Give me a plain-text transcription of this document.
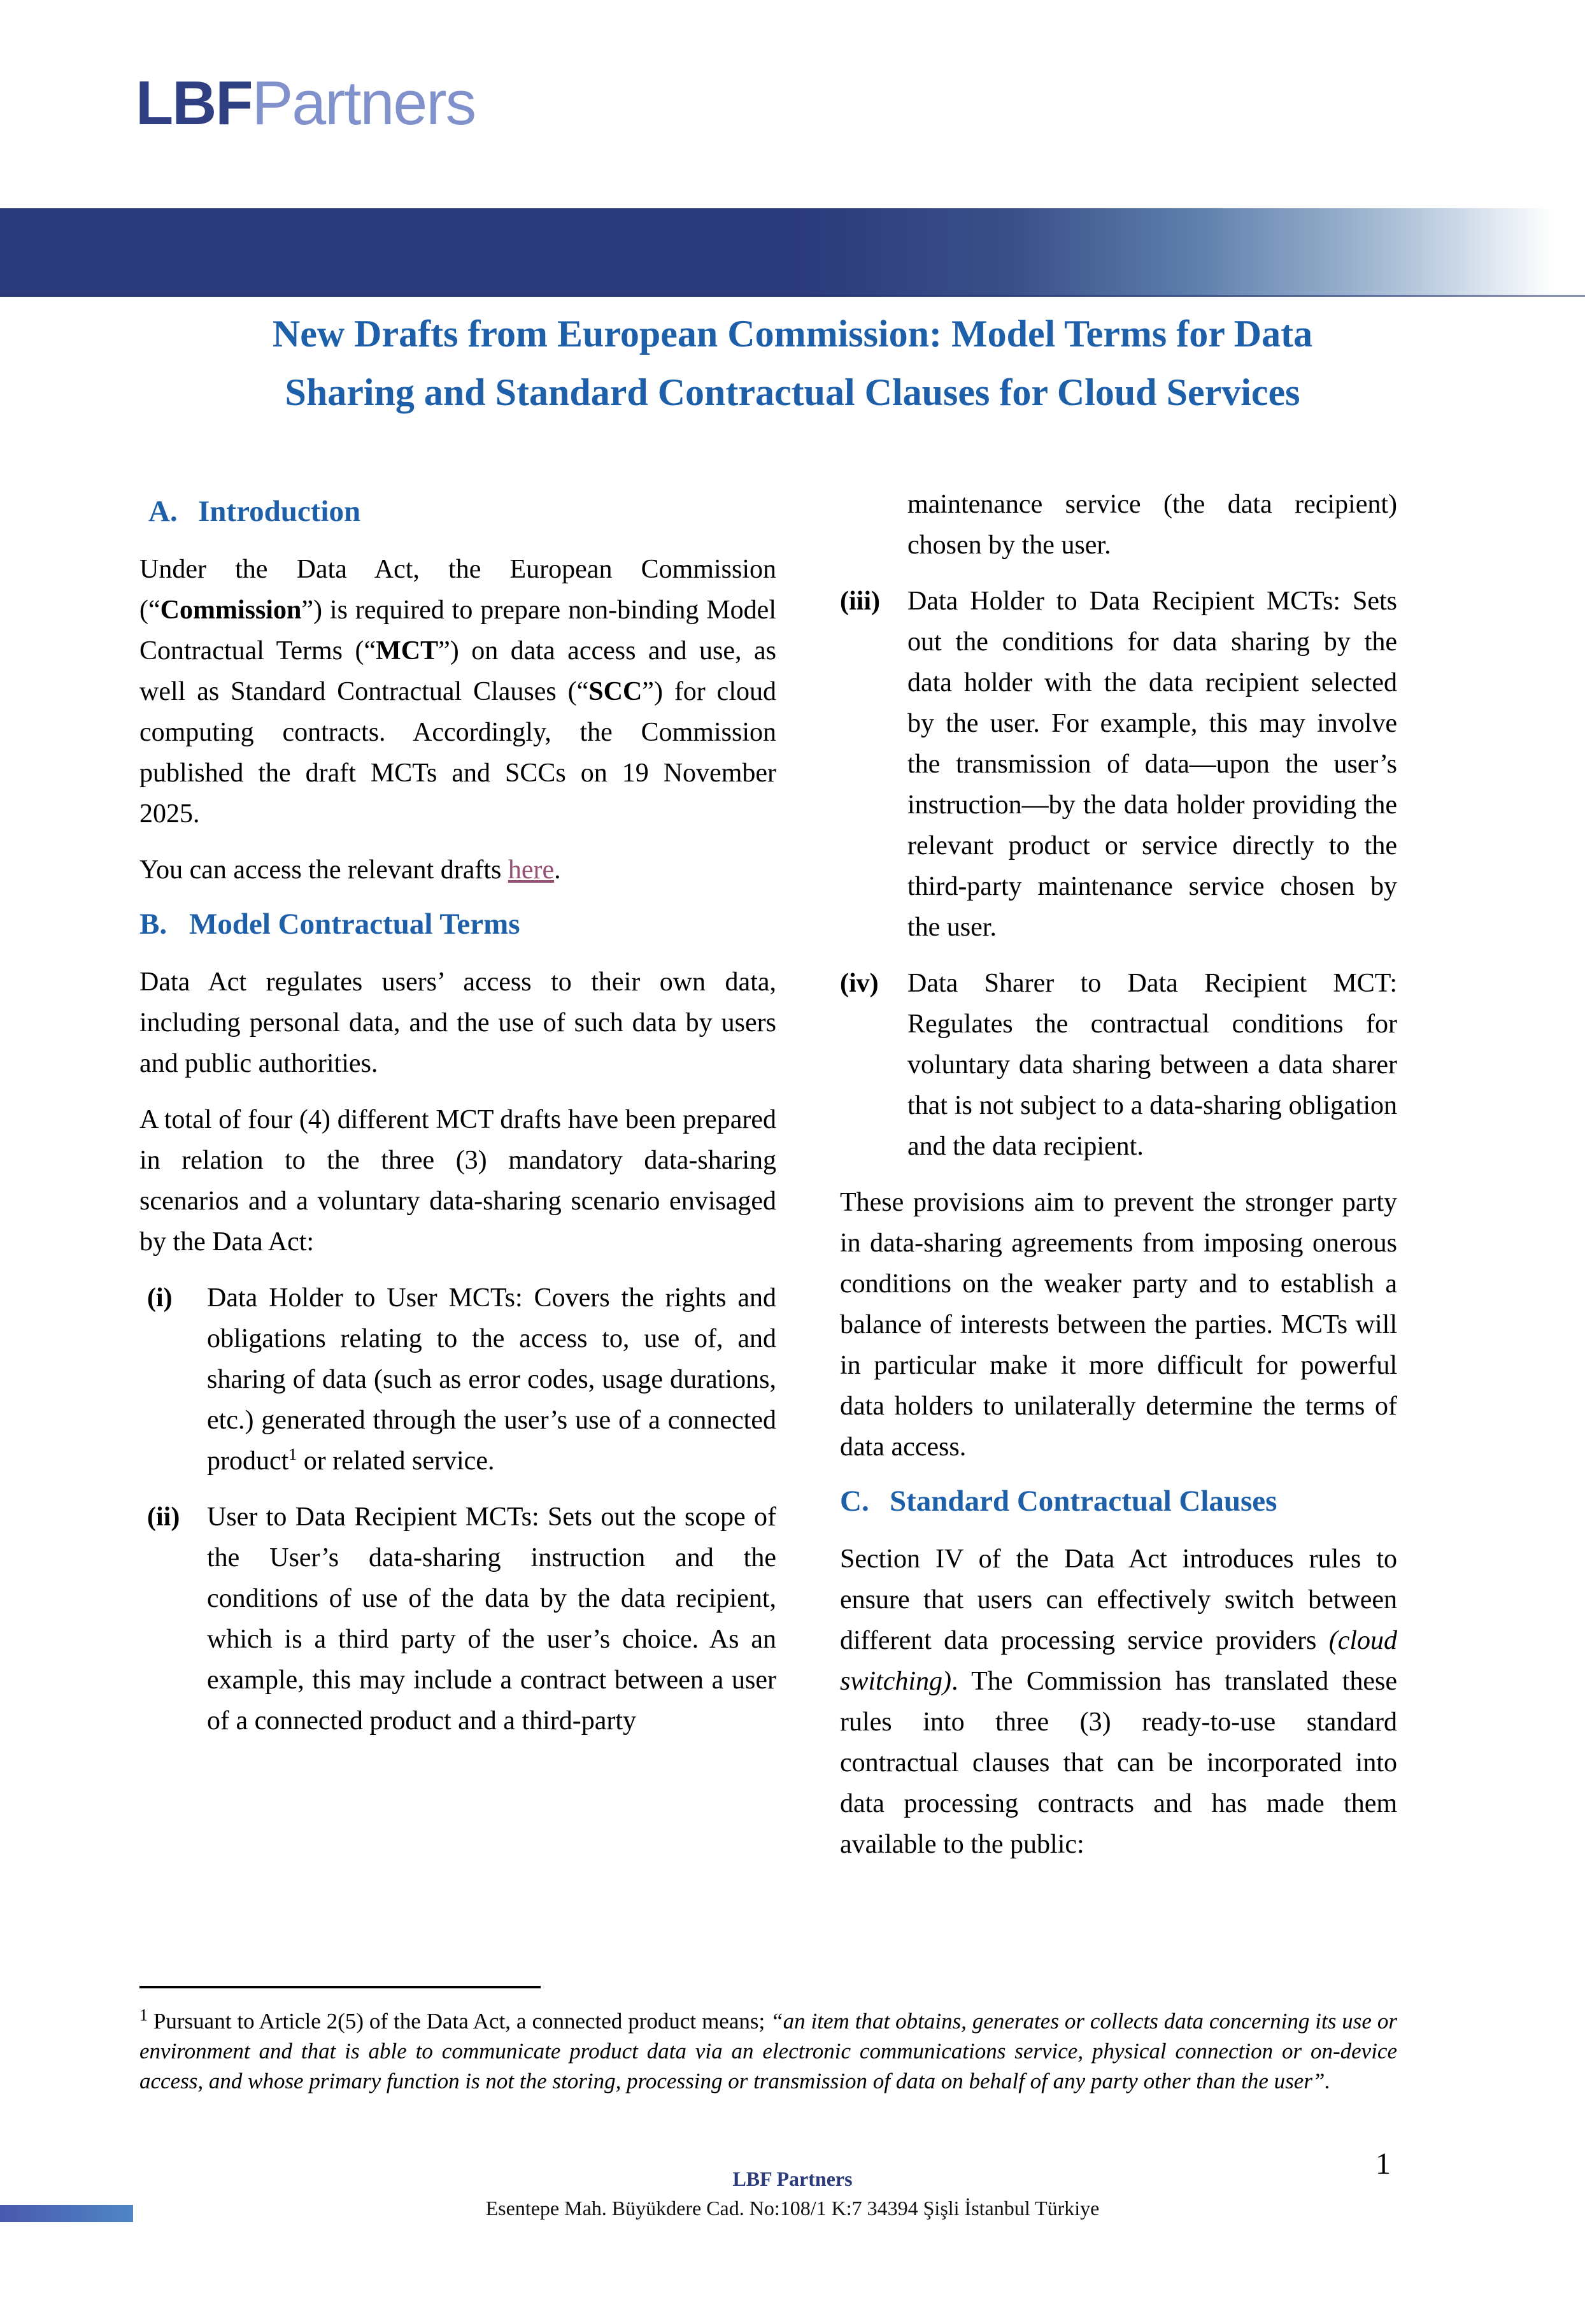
LBFPartners
New Drafts from European Commission: Model Terms for Data
Sharing and Standard Contractual Clauses for Cloud Services
A. Introduction

Under the Data Act, the European Commission (“Commission”) is required to prepare non-binding Model Contractual Terms (“MCT”) on data access and use, as well as Standard Contractual Clauses (“SCC”) for cloud computing contracts. Accordingly, the Commission published the draft MCTs and SCCs on 19 November 2025.

You can access the relevant drafts here.

B. Model Contractual Terms

Data Act regulates users’ access to their own data, including personal data, and the use of such data by users and public authorities.

A total of four (4) different MCT drafts have been prepared in relation to the three (3) mandatory data-sharing scenarios and a voluntary data-sharing scenario envisaged by the Data Act:

(i) Data Holder to User MCTs: Covers the rights and obligations relating to the access to, use of, and sharing of data (such as error codes, usage durations, etc.) generated through the user’s use of a connected product$^1$ or related service.
(ii) User to Data Recipient MCTs: Sets out the scope of the User’s data-sharing instruction and the conditions of use of the data by the data recipient, which is a third party of the user’s choice. As an example, this may include a contract between a user of a connected product and a third-party
maintenance service (the data recipient) chosen by the user.
(iii) Data Holder to Data Recipient MCTs: Sets out the conditions for data sharing by the data holder with the data recipient selected by the user. For example, this may involve the transmission of data—upon the user’s instruction—by the data holder providing the relevant product or service directly to the third-party maintenance service chosen by the user.
(iv) Data Sharer to Data Recipient MCT: Regulates the contractual conditions for voluntary data sharing between a data sharer that is not subject to a data-sharing obligation and the data recipient.

These provisions aim to prevent the stronger party in data-sharing agreements from imposing onerous conditions on the weaker party and to establish a balance of interests between the parties. MCTs will in particular make it more difficult for powerful data holders to unilaterally determine the terms of data access.

C. Standard Contractual Clauses

Section IV of the Data Act introduces rules to ensure that users can effectively switch between different data processing service providers (cloud switching). The Commission has translated these rules into three (3) ready-to-use standard contractual clauses that can be incorporated into data processing contracts and has made them available to the public:

$^1$ Pursuant to Article 2(5) of the Data Act, a connected product means; “an item that obtains, generates or collects data concerning its use or environment and that is able to communicate product data via an electronic communications service, physical connection or on-device access, and whose primary function is not the storing, processing or transmission of data on behalf of any party other than the user”.
LBF Partners
Esentepe Mah. Büyükdere Cad. No:108/1 K:7 34394 Şişli İstanbul Türkiye
1
